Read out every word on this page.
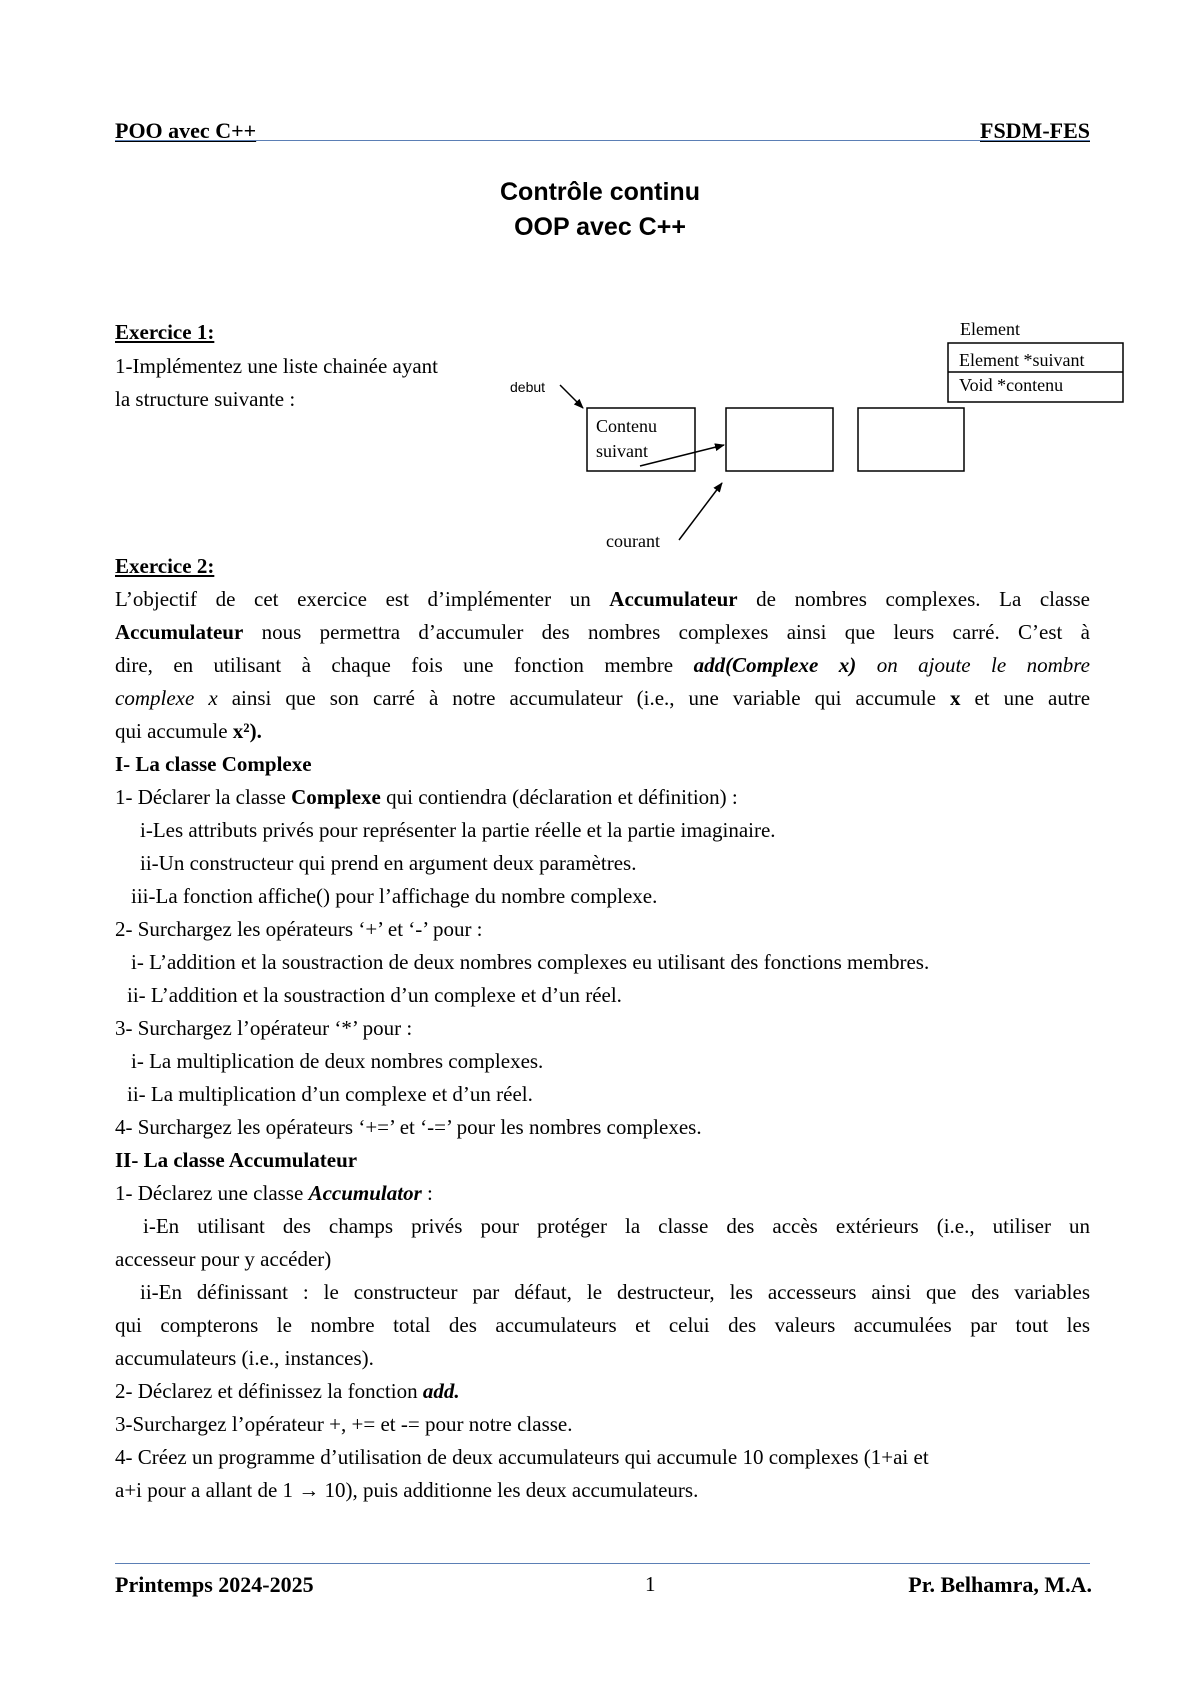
POO avec C++	FSDM-FES
Contrôle continu
OOP avec C++
Exercice 1:
1-Implémentez une liste chainée ayant
la structure suivante :	debut
Contenu
suivant
courant
Element
Element *suivant
Void *contenu
Exercice 2:
L’objectif de cet exercice est d’implémenter un Accumulateur de nombres complexes. La classe
Accumulateur nous permettra d’accumuler des nombres complexes ainsi que leurs carré. C’est à
dire, en utilisant à chaque fois une fonction membre add(Complexe x) on ajoute le nombre
complexe x ainsi que son carré à notre accumulateur (i.e., une variable qui accumule x et une autre
qui accumule x²).
I- La classe Complexe
1- Déclarer la classe Complexe qui contiendra (déclaration et définition) :
i-Les attributs privés pour représenter la partie réelle et la partie imaginaire.
ii-Un constructeur qui prend en argument deux paramètres.
iii-La fonction affiche() pour l’affichage du nombre complexe.
2- Surchargez les opérateurs ‘+’ et ‘-’ pour :
i- L’addition et la soustraction de deux nombres complexes eu utilisant des fonctions membres.
ii- L’addition et la soustraction d’un complexe et d’un réel.
3- Surchargez l’opérateur ‘*’ pour :
i- La multiplication de deux nombres complexes.
ii- La multiplication d’un complexe et d’un réel.
4- Surchargez les opérateurs ‘+=’ et ‘-=’ pour les nombres complexes.
II- La classe Accumulateur
1- Déclarez une classe Accumulator :
i-En utilisant des champs privés pour protéger la classe des accès extérieurs (i.e., utiliser un
accesseur pour y accéder)
ii-En définissant : le constructeur par défaut, le destructeur, les accesseurs ainsi que des variables
qui compterons le nombre total des accumulateurs et celui des valeurs accumulées par tout les
accumulateurs (i.e., instances).
2- Déclarez et définissez la fonction add.
3-Surchargez l’opérateur +, += et -= pour notre classe.
4- Créez un programme d’utilisation de deux accumulateurs qui accumule 10 complexes (1+ai et
a+i pour a allant de 1 → 10), puis additionne les deux accumulateurs.
Printemps 2024-2025	1	Pr. Belhamra, M.A.
